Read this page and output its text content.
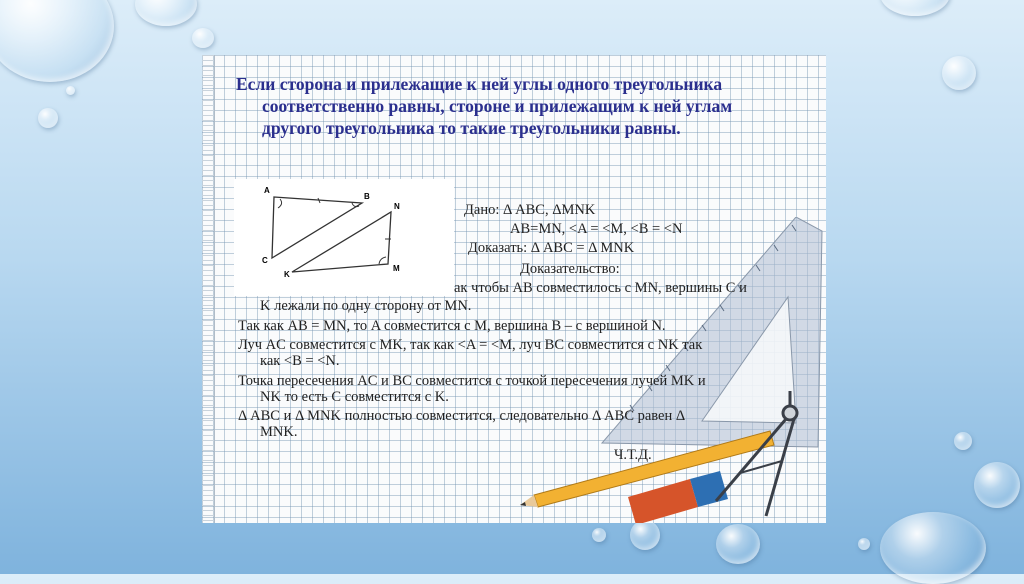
Если сторона и прилежащие к ней углы одного треугольника
соответственно равны, стороне и прилежащим к ней углам
другого треугольника то такие треугольники равны.
A
B
C
K
N
M
Дано: Δ ABC, ΔMNK
AB=MN, <A = <M, <B = <N
Доказать: Δ ABC = Δ MNK
Доказательство:
ак чтобы AB совместилось с MN, вершины C и
K лежали по одну сторону от MN.
Так как AB = MN, то A совместится с M, вершина B – с вершиной N.
Луч AC совместится с MK, так как <A = <M, луч BC совместится с NK так
как <B = <N.
Точка пересечения AC и BC совместится с точкой пересечения лучей MK и
NK то есть C совместится с K.
Δ ABC и Δ MNK полностью совместится, следовательно Δ ABC равен Δ
MNK.
Ч.Т.Д.
